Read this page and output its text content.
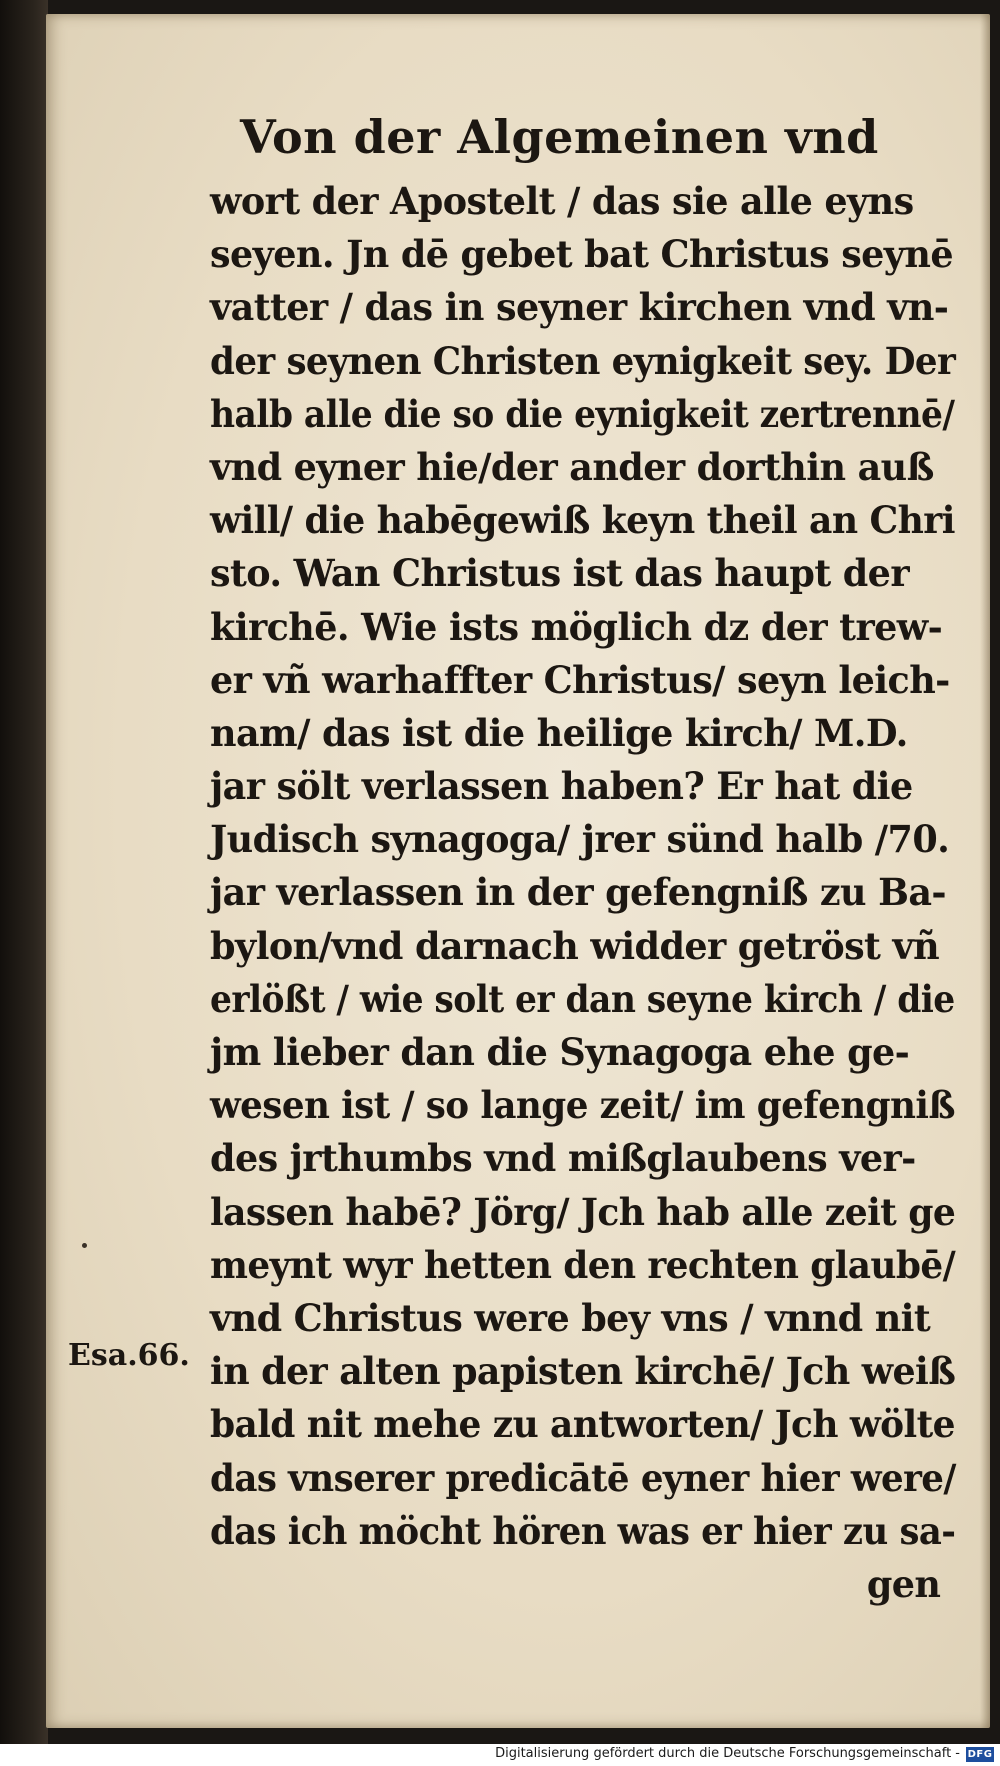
Von der Algemeinen vnd
wort der Apostelt / das sie alle eyns
seyen. Jn dē gebet bat Christus seynē
vatter / das in seyner kirchen vnd vn-
der seynen Christen eynigkeit sey. Der
halb alle die so die eynigkeit zertrennē/
vnd eyner hie/der ander dorthin auß
will/ die habēgewiß keyn theil an Chri
sto. Wan Christus ist das haupt der
kirchē. Wie ists möglich dz der trew-
er vñ warhaffter Christus/ seyn leich-
nam/ das ist die heilige kirch/ M.D.
jar sölt verlassen haben? Er hat die
Judisch synagoga/ jrer sünd halb /70.
jar verlassen in der gefengniß zu Ba-
bylon/vnd darnach widder getröst vñ
erlößt / wie solt er dan seyne kirch / die
jm lieber dan die Synagoga ehe ge-
wesen ist / so lange zeit/ im gefengniß
des jrthumbs vnd mißglaubens ver-
lassen habē? Jörg/ Jch hab alle zeit ge
meynt wyr hetten den rechten glaubē/
vnd Christus were bey vns / vnnd nit
in der alten papisten kirchē/ Jch weiß
bald nit mehe zu antworten/ Jch wölte
das vnserer predicātē eyner hier were/
das ich möcht hören was er hier zu sa-
gen
Esa.66.
Digitalisierung gefördert durch die Deutsche Forschungsgemeinschaft - DFG
